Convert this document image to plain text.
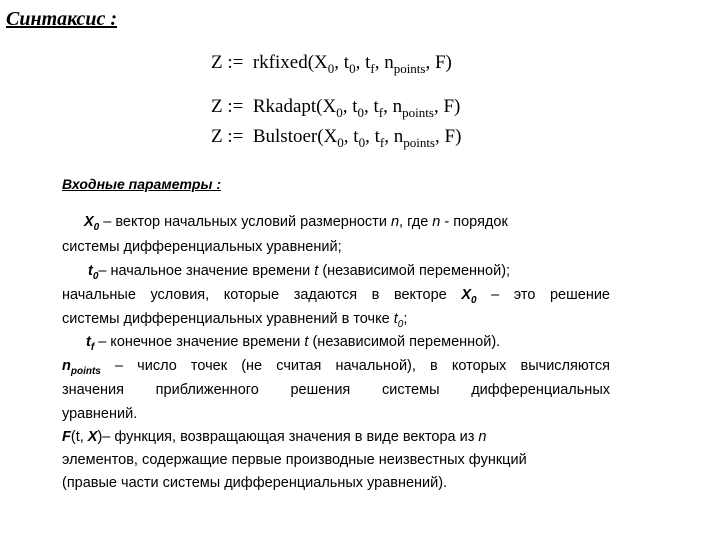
Синтаксис :
Z := $rkfixed(X_0$, $t_0$, $t_f$, $n_{points}$, F)
Z := $Rkadapt(X_0$, $t_0$, $t_f$, $n_{points}$, F)
Z := $Bulstoer(X_0$, $t_0$, $t_f$, $n_{points}$, F)
Входные параметры :
$X_0$ – вектор начальных условий размерности n, где n - порядок
системы дифференциальных уравнений;
$t_0-$ начальное значение времени t (независимой переменной);
начальные условия, которые задаются в векторе $X_0$ – это решение
системы дифференциальных уравнений в точке $t_0$;
$t_f$ – конечное значение времени t (независимой переменной).
$n_{points}$ – число точек (не считая начальной), в которых вычисляются
значения приближенного решения системы дифференциальных
уравнений.
F(t, X)– функция, возвращающая значения в виде вектора из n
элементов, содержащие первые производные неизвестных функций
(правые части системы дифференциальных уравнений).
